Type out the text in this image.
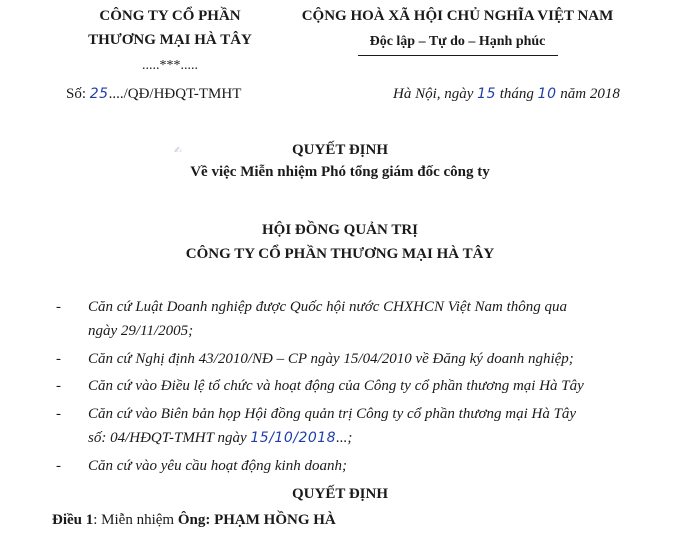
CÔNG TY CỔ PHẦN
THƯƠNG MẠI HÀ TÂY
.....***.....
Số: 25..../QĐ/HĐQT-TMHT
CỘNG HOÀ XÃ HỘI CHỦ NGHĨA VIỆT NAM
Độc lập – Tự do – Hạnh phúc
Hà Nội, ngày 15 tháng 10 năm 2018
✍	QUYẾT ĐỊNH
Về việc Miễn nhiệm Phó tổng giám đốc công ty
HỘI ĐỒNG QUẢN TRỊ
CÔNG TY CỔ PHẦN THƯƠNG MẠI HÀ TÂY
- Căn cứ Luật Doanh nghiệp được Quốc hội nước CHXHCN Việt Nam thông qua
ngày 29/11/2005;
- Căn cứ Nghị định 43/2010/NĐ – CP ngày 15/04/2010 về Đăng ký doanh nghiệp;
- Căn cứ vào Điều lệ tổ chức và hoạt động của Công ty cổ phần thương mại Hà Tây
- Căn cứ vào Biên bản họp Hội đồng quản trị Công ty cổ phần thương mại Hà Tây
số: 04/HĐQT-TMHT ngày 15/10/2018...;
- Căn cứ vào yêu cầu hoạt động kinh doanh;
QUYẾT ĐỊNH
Điều 1: Miễn nhiệm Ông: PHẠM HỒNG HÀ
